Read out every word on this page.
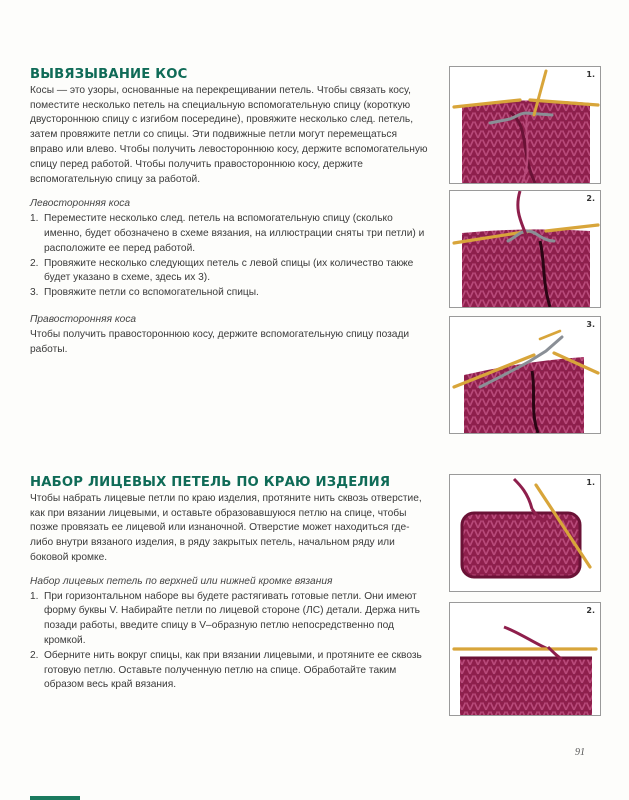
ВЫВЯЗЫВАНИЕ КОС

Косы — это узоры, основанные на перекрещивании петель. Чтобы связать косу, поместите несколько петель на специальную вспомогательную спицу (короткую двустороннюю спицу с изгибом посередине), провяжите несколько след. петель, затем провяжите петли со спицы. Эти подвижные петли могут перемещаться вправо или влево. Чтобы получить левостороннюю косу, держите вспомогательную спицу перед работой. Чтобы получить правостороннюю косу, держите вспомогательную спицу за работой.

Левосторонняя коса

1. Переместите несколько след. петель на вспомогательную спицу (сколько именно, будет обозначено в схеме вязания, на иллюстрации сняты три петли) и расположите ее перед работой.
2. Провяжите несколько следующих петель с левой спицы (их количество также будет указано в схеме, здесь их 3).
3. Провяжите петли со вспомогательной спицы.

Правосторонняя коса

Чтобы получить правостороннюю косу, держите вспомогательную спицу позади работы.

НАБОР ЛИЦЕВЫХ ПЕТЕЛЬ ПО КРАЮ ИЗДЕЛИЯ

Чтобы набрать лицевые петли по краю изделия, протяните нить сквозь отверстие, как при вязании лицевыми, и оставьте образовавшуюся петлю на спице, чтобы позже провязать ее лицевой или изнаночной. Отверстие может находиться где-либо внутри вязаного изделия, в ряду закрытых петель, начальном ряду или боковой кромке.

Набор лицевых петель по верхней или нижней кромке вязания

1. При горизонтальном наборе вы будете растягивать готовые петли. Они имеют форму буквы V. Набирайте петли по лицевой стороне (ЛС) детали. Держа нить позади работы, введите спицу в V–образную петлю непосредственно под кромкой.
2. Оберните нить вокруг спицы, как при вязании лицевыми, и протяните ее сквозь готовую петлю. Оставьте полученную петлю на спице. Обработайте таким образом весь край вязания.
1.
2.
3.
1.
2.
91
